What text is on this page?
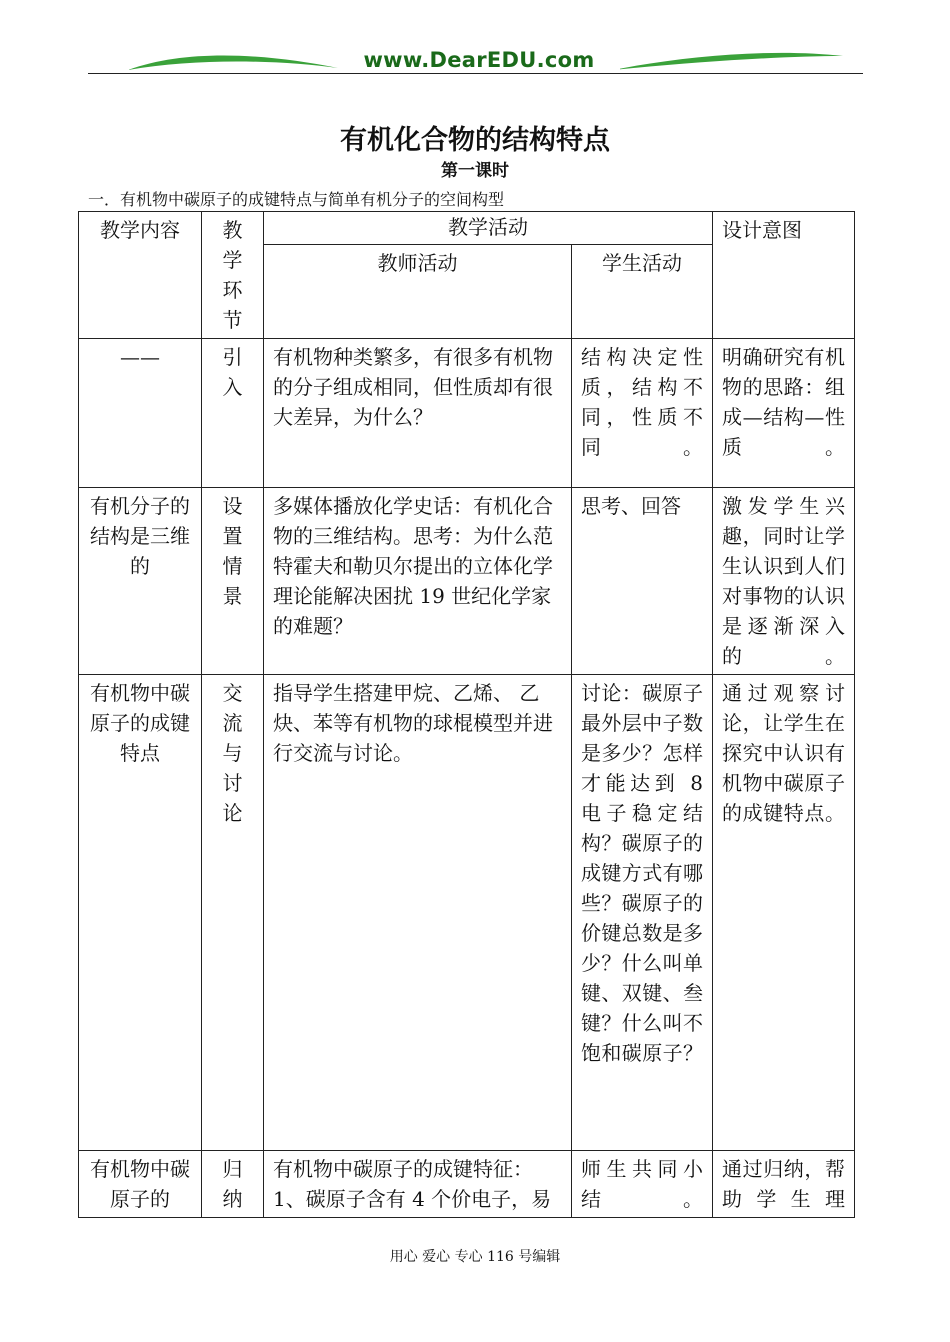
www.DearEDU.com
有机化合物的结构特点
第一课时
一．有机物中碳原子的成键特点与简单有机分子的空间构型
教学内容	教学环节	教学活动		设计意图
		教师活动	学生活动	
——	引入	有机物种类繁多，有很多有机物的分子组成相同，但性质却有很大差异，为什么？	结构决定性质，结构不同，性质不同。	明确研究有机物的思路：组成—结构—性质。
有机分子的结构是三维的	设置情景	多媒体播放化学史话：有机化合物的三维结构。思考：为什么范特霍夫和勒贝尔提出的立体化学理论能解决困扰 19 世纪化学家的难题？	思考、回答	激发学生兴趣，同时让学生认识到人们对事物的认识是逐渐深入的。
有机物中碳原子的成键特点	交流与讨论	指导学生搭建甲烷、乙烯、 乙炔、苯等有机物的球棍模型并进行交流与讨论。	讨论：碳原子最外层中子数是多少？怎样才能达到 8 电子稳定结构？碳原子的成键方式有哪些？碳原子的价键总数是多少？什么叫单键、双键、叁键？什么叫不饱和碳原子？	通过观察讨论，让学生在探究中认识有机物中碳原子的成键特点。
有机物中碳原子的	归纳	有机物中碳原子的成键特征：1、碳原子含有 4 个价电子，易	师生共同小结。	通过归纳，帮助学生理
用心 爱心 专心 116 号编辑
